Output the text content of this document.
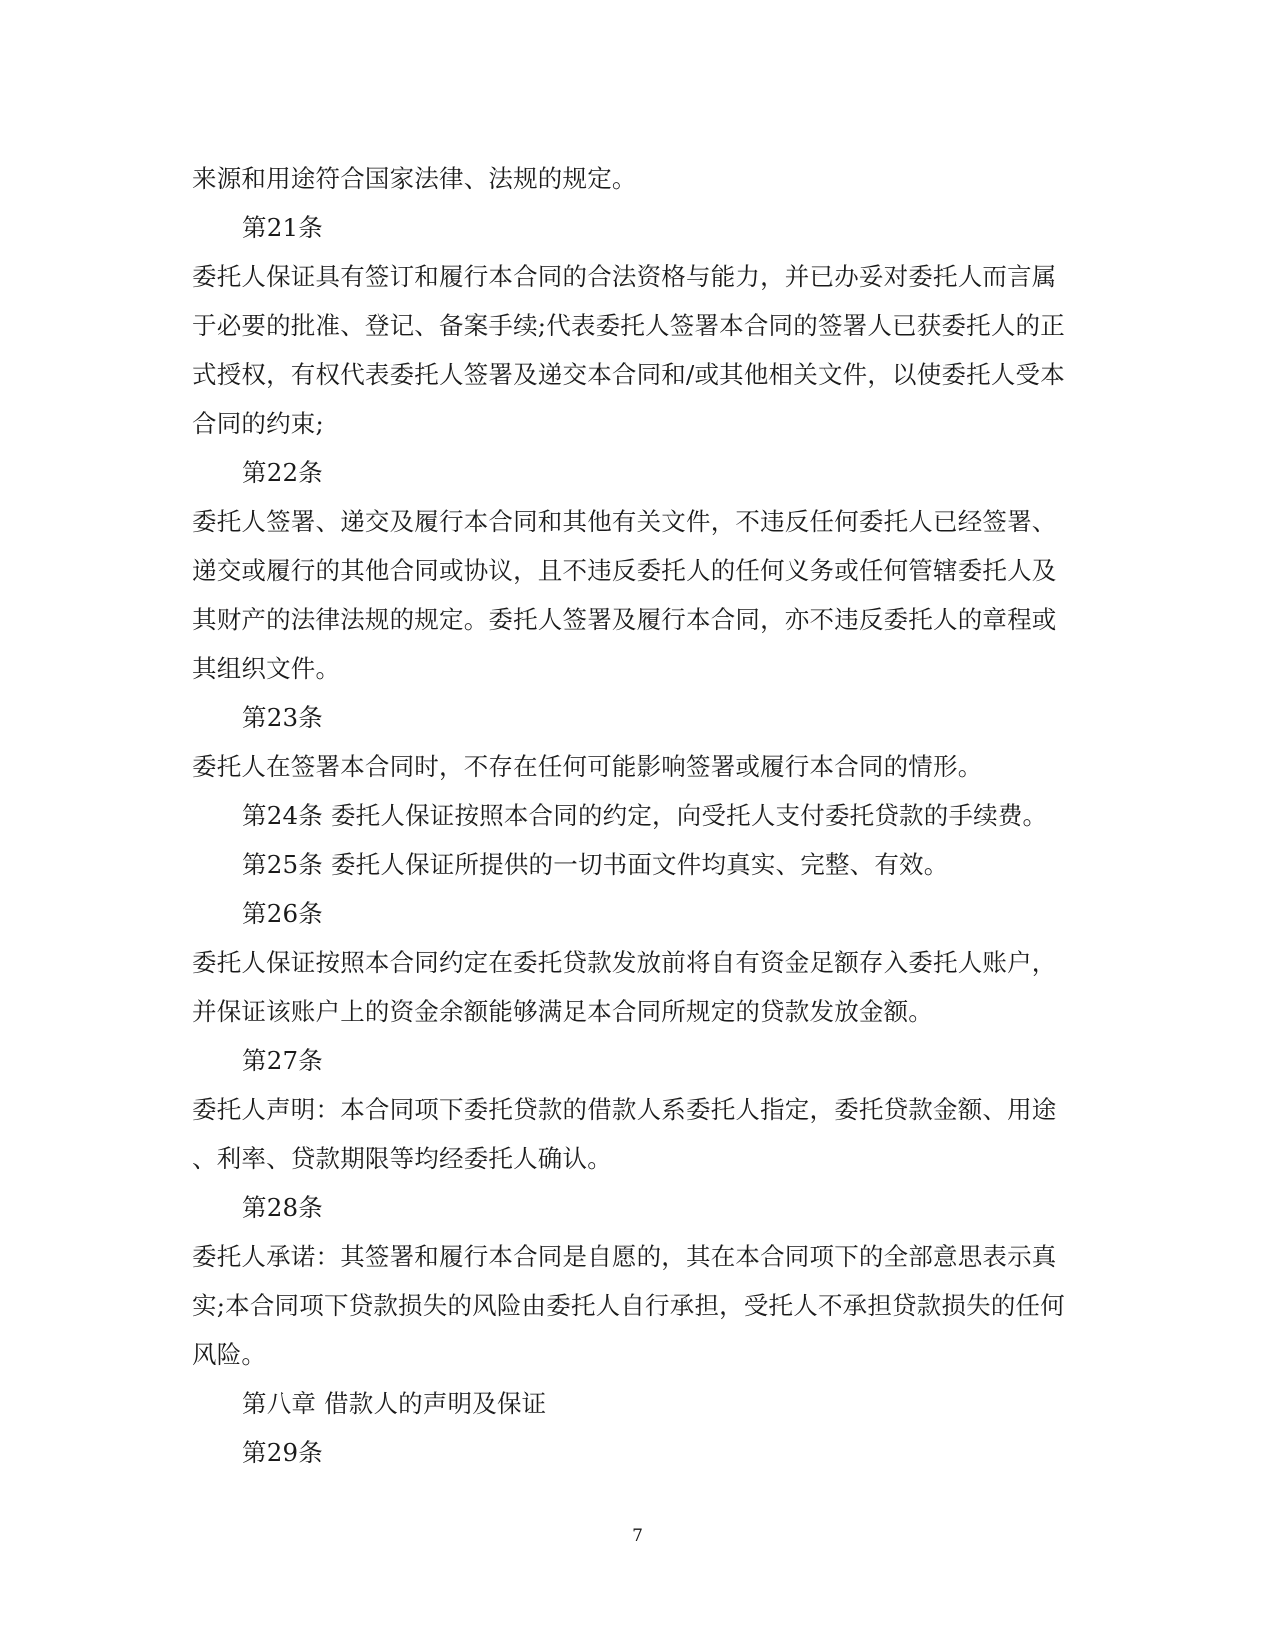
来源和用途符合国家法律、法规的规定。
第21条
委托人保证具有签订和履行本合同的合法资格与能力，并已办妥对委托人而言属
于必要的批准、登记、备案手续;代表委托人签署本合同的签署人已获委托人的正
式授权，有权代表委托人签署及递交本合同和/或其他相关文件，以使委托人受本
合同的约束;
第22条
委托人签署、递交及履行本合同和其他有关文件，不违反任何委托人已经签署、
递交或履行的其他合同或协议，且不违反委托人的任何义务或任何管辖委托人及
其财产的法律法规的规定。委托人签署及履行本合同，亦不违反委托人的章程或
其组织文件。
第23条
委托人在签署本合同时，不存在任何可能影响签署或履行本合同的情形。
第24条 委托人保证按照本合同的约定，向受托人支付委托贷款的手续费。
第25条 委托人保证所提供的一切书面文件均真实、完整、有效。
第26条
委托人保证按照本合同约定在委托贷款发放前将自有资金足额存入委托人账户，
并保证该账户上的资金余额能够满足本合同所规定的贷款发放金额。
第27条
委托人声明：本合同项下委托贷款的借款人系委托人指定，委托贷款金额、用途
、利率、贷款期限等均经委托人确认。
第28条
委托人承诺：其签署和履行本合同是自愿的，其在本合同项下的全部意思表示真
实;本合同项下贷款损失的风险由委托人自行承担，受托人不承担贷款损失的任何
风险。
第八章 借款人的声明及保证
第29条
7
